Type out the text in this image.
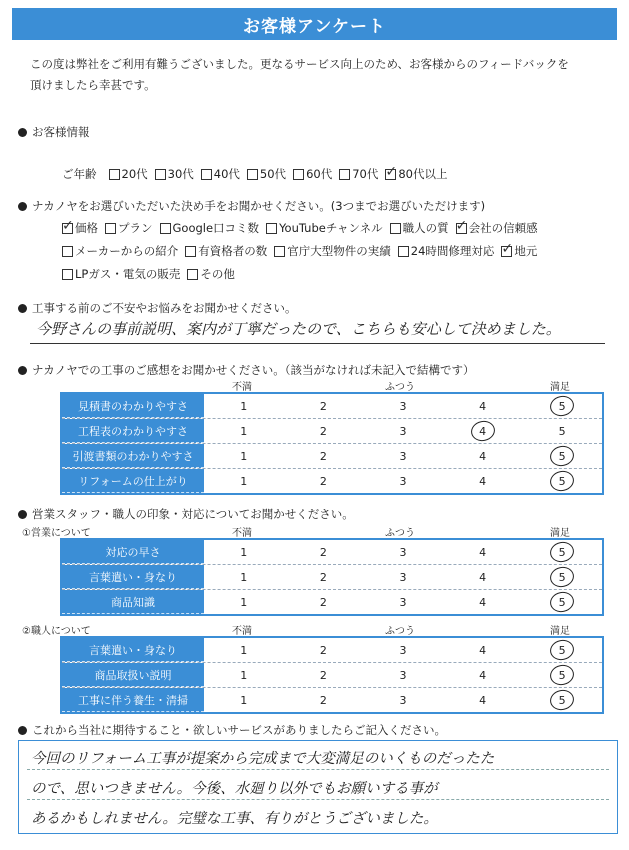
お客様アンケート
この度は弊社をご利用有難うございました。更なるサービス向上のため、お客様からのフィードバックを
頂けましたら幸甚です。
お客様情報
ご年齢 20代 30代 40代 50代 60代 70代 ✓ 80代以上
ナカノヤをお選びいただいた決め手をお聞かせください。(3つまでお選びいただけます)
✓ 価格 プラン Google口コミ数 YouTubeチャンネル 職人の質 ✓ 会社の信頼感
メーカーからの紹介 有資格者の数 官庁大型物件の実績 24時間修理対応 ✓ 地元
LPガス・電気の販売 その他
工事する前のご不安やお悩みをお聞かせください。
今野さんの事前説明、案内が丁寧だったので、こちらも安心して決めました。
ナカノヤでの工事のご感想をお聞かせください。（該当がなければ未記入で結構です）
不満	ふつう	満足
見積書のわかりやすさ	1	2	3	4	5
工程表のわかりやすさ	1	2	3	4	5
引渡書類のわかりやすさ	1	2	3	4	5
リフォームの仕上がり	1	2	3	4	5
営業スタッフ・職人の印象・対応についてお聞かせください。
①営業について	不満	ふつう	満足
対応の早さ	1	2	3	4	5
言葉遣い・身なり	1	2	3	4	5
商品知識	1	2	3	4	5
②職人について	不満	ふつう	満足
言葉遣い・身なり	1	2	3	4	5
商品取扱い説明	1	2	3	4	5
工事に伴う養生・清掃	1	2	3	4	5
これから当社に期待すること・欲しいサービスがありましたらご記入ください。
今回のリフォーム工事が提案から完成まで大変満足のいくものだったた
ので、思いつきません。今後、水廻り以外でもお願いする事が
あるかもしれません。完璧な工事、有りがとうございました。
